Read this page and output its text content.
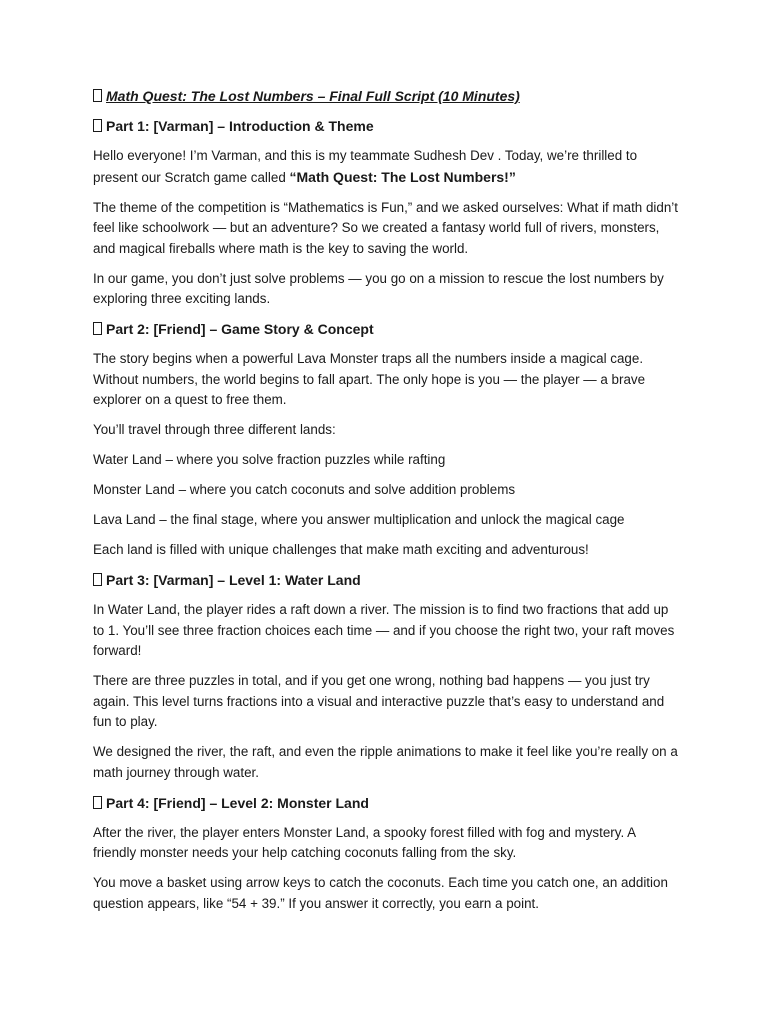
Math Quest: The Lost Numbers – Final Full Script (10 Minutes)
Part 1: [Varman] – Introduction & Theme

Hello everyone! I’m Varman, and this is my teammate Sudhesh Dev . Today, we’re thrilled to present our Scratch game called “Math Quest: The Lost Numbers!”

The theme of the competition is “Mathematics is Fun,” and we asked ourselves: What if math didn’t feel like schoolwork — but an adventure? So we created a fantasy world full of rivers, monsters, and magical fireballs where math is the key to saving the world.

In our game, you don’t just solve problems — you go on a mission to rescue the lost numbers by exploring three exciting lands.

Part 2: [Friend] – Game Story & Concept

The story begins when a powerful Lava Monster traps all the numbers inside a magical cage. Without numbers, the world begins to fall apart. The only hope is you — the player — a brave explorer on a quest to free them.

You’ll travel through three different lands:

Water Land – where you solve fraction puzzles while rafting

Monster Land – where you catch coconuts and solve addition problems

Lava Land – the final stage, where you answer multiplication and unlock the magical cage

Each land is filled with unique challenges that make math exciting and adventurous!

Part 3: [Varman] – Level 1: Water Land

In Water Land, the player rides a raft down a river. The mission is to find two fractions that add up to 1. You’ll see three fraction choices each time — and if you choose the right two, your raft moves forward!

There are three puzzles in total, and if you get one wrong, nothing bad happens — you just try again. This level turns fractions into a visual and interactive puzzle that’s easy to understand and fun to play.

We designed the river, the raft, and even the ripple animations to make it feel like you’re really on a math journey through water.

Part 4: [Friend] – Level 2: Monster Land

After the river, the player enters Monster Land, a spooky forest filled with fog and mystery. A friendly monster needs your help catching coconuts falling from the sky.

You move a basket using arrow keys to catch the coconuts. Each time you catch one, an addition question appears, like “54 + 39.” If you answer it correctly, you earn a point.
